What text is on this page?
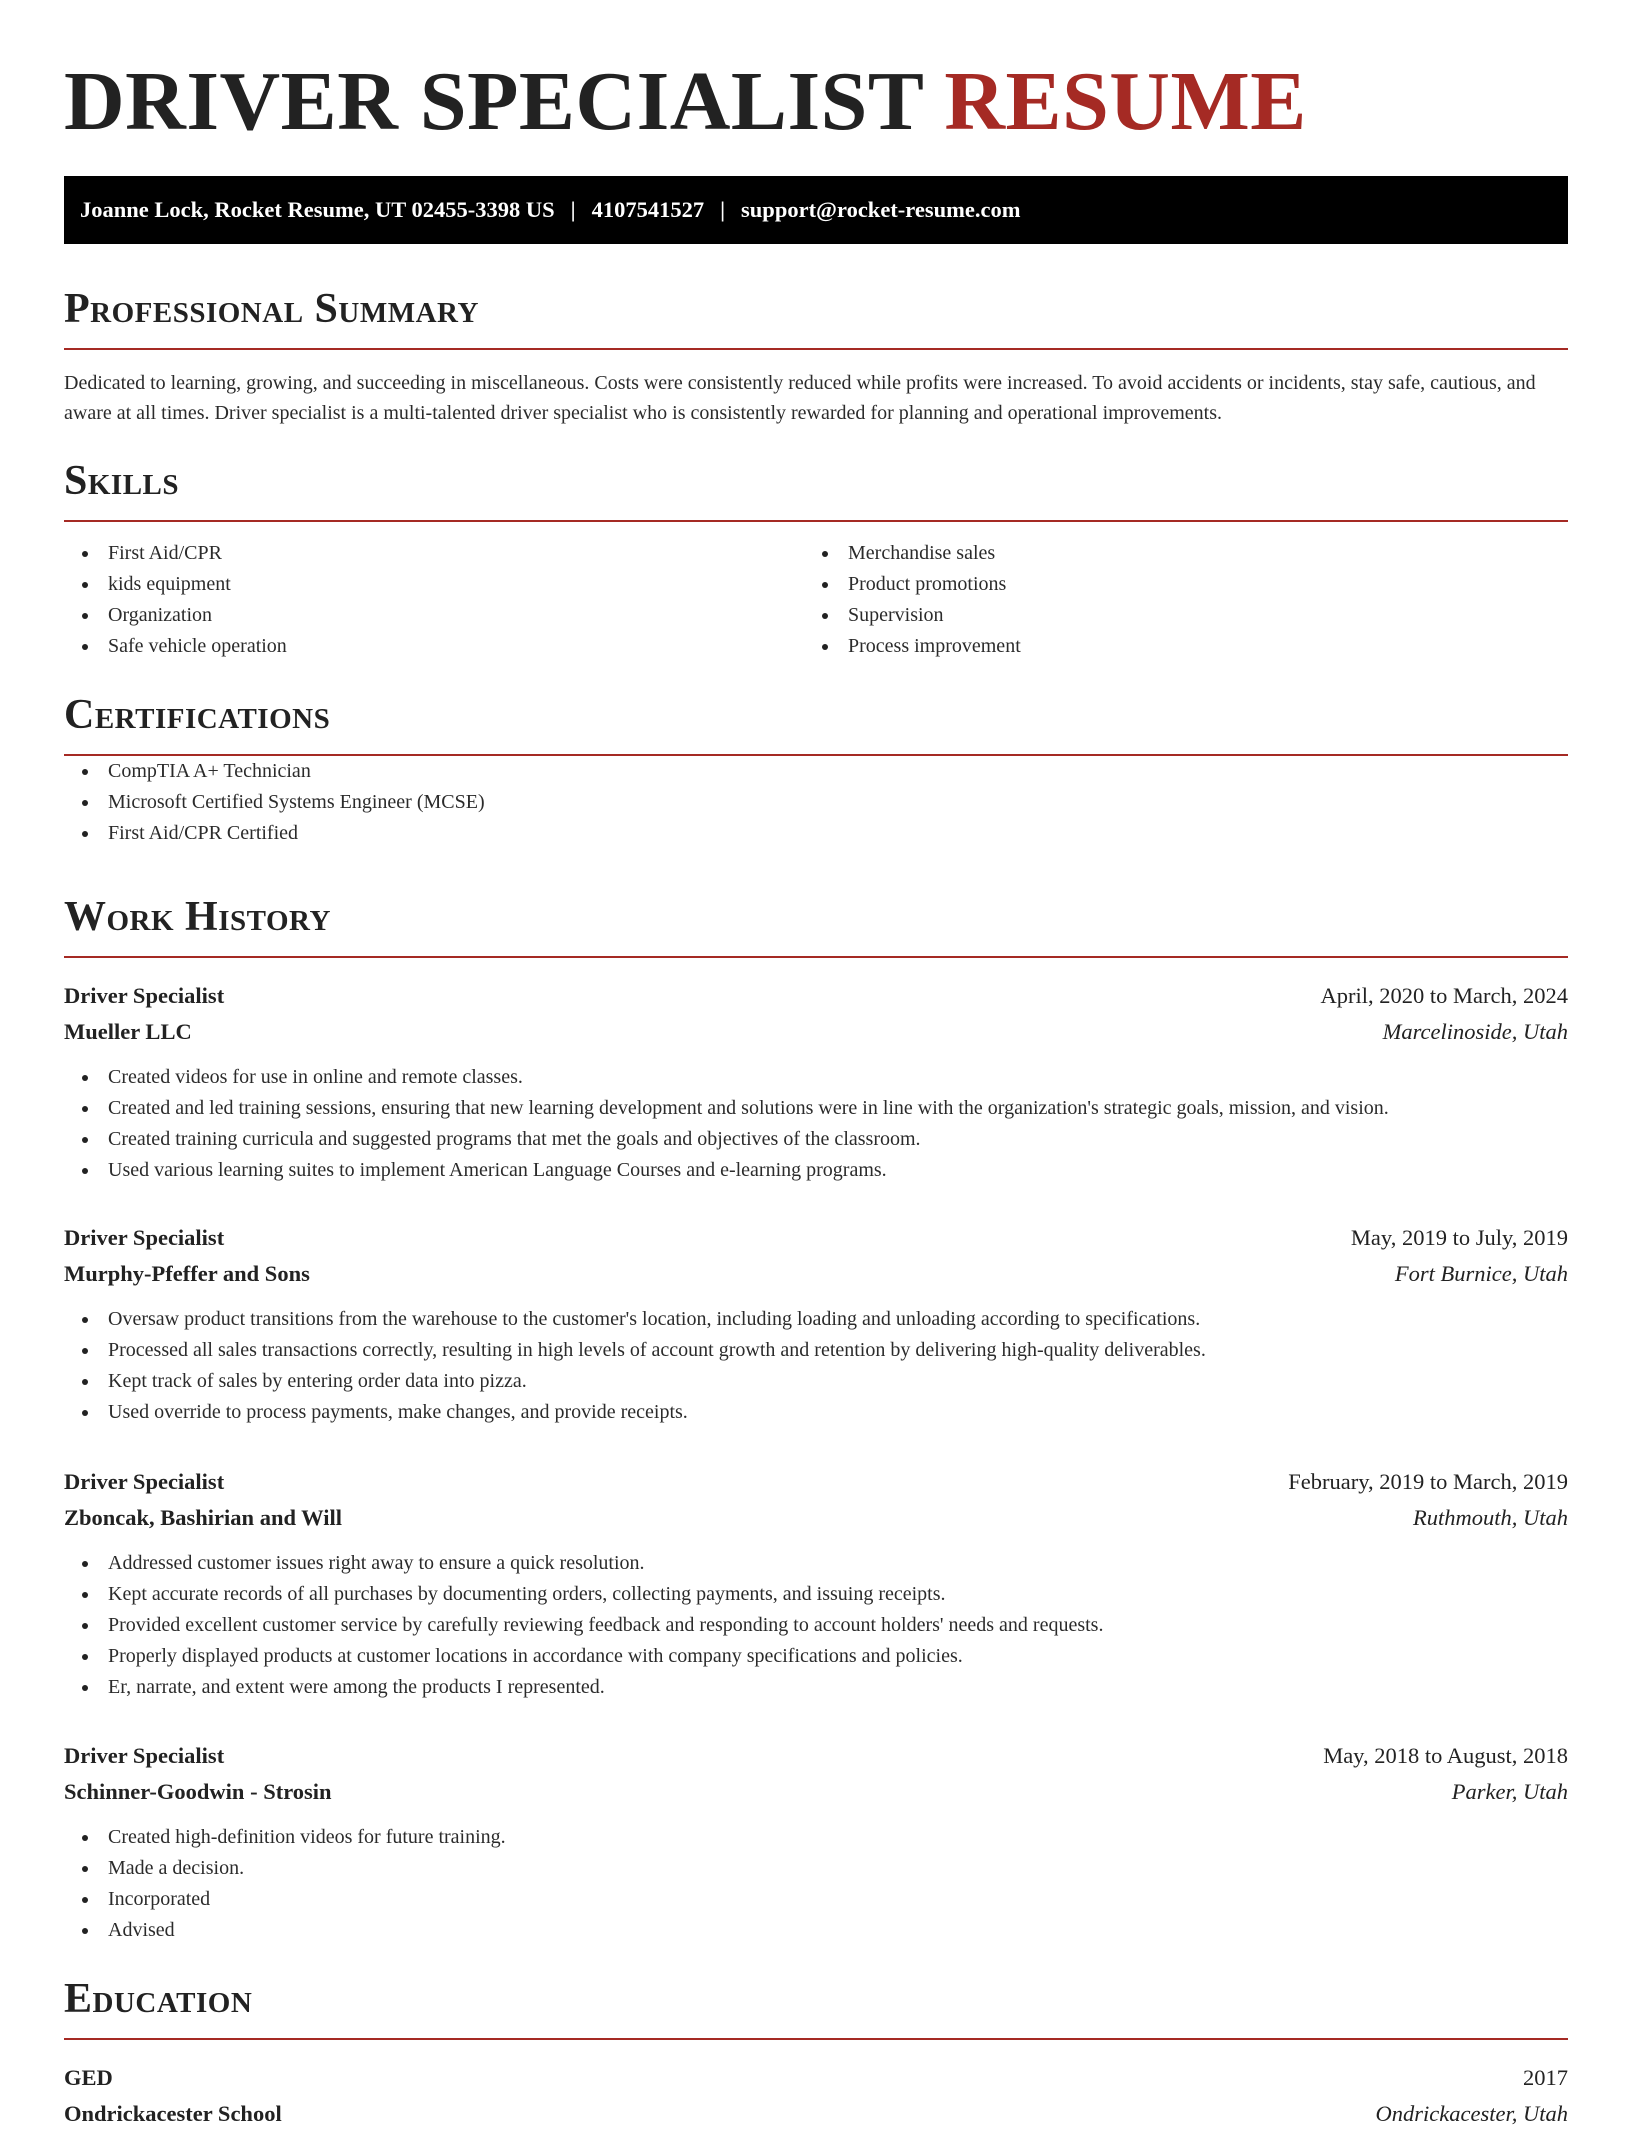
DRIVER SPECIALIST RESUME
Joanne Lock, Rocket Resume, UT 02455-3398 US | 4107541527 | support@rocket-resume.com
Professional Summary

Dedicated to learning, growing, and succeeding in miscellaneous. Costs were consistently reduced while profits were increased. To avoid accidents or incidents, stay safe, cautious, and aware at all times. Driver specialist is a multi-talented driver specialist who is consistently rewarded for planning and operational improvements.

Skills
First Aid/CPR
kids equipment
Organization
Safe vehicle operation
Merchandise sales
Product promotions
Supervision
Process improvement
Certifications
CompTIA A+ Technician
Microsoft Certified Systems Engineer (MCSE)
First Aid/CPR Certified
Work History
Driver Specialist	April, 2020 to March, 2024
Mueller LLC	Marcelinoside, Utah
Created videos for use in online and remote classes.
Created and led training sessions, ensuring that new learning development and solutions were in line with the organization's strategic goals, mission, and vision.
Created training curricula and suggested programs that met the goals and objectives of the classroom.
Used various learning suites to implement American Language Courses and e-learning programs.
Driver Specialist	May, 2019 to July, 2019
Murphy-Pfeffer and Sons	Fort Burnice, Utah
Oversaw product transitions from the warehouse to the customer's location, including loading and unloading according to specifications.
Processed all sales transactions correctly, resulting in high levels of account growth and retention by delivering high-quality deliverables.
Kept track of sales by entering order data into pizza.
Used override to process payments, make changes, and provide receipts.
Driver Specialist	February, 2019 to March, 2019
Zboncak, Bashirian and Will	Ruthmouth, Utah
Addressed customer issues right away to ensure a quick resolution.
Kept accurate records of all purchases by documenting orders, collecting payments, and issuing receipts.
Provided excellent customer service by carefully reviewing feedback and responding to account holders' needs and requests.
Properly displayed products at customer locations in accordance with company specifications and policies.
Er, narrate, and extent were among the products I represented.
Driver Specialist	May, 2018 to August, 2018
Schinner-Goodwin - Strosin	Parker, Utah
Created high-definition videos for future training.
Made a decision.
Incorporated
Advised
Education
GED	2017
Ondrickacester School	Ondrickacester, Utah
